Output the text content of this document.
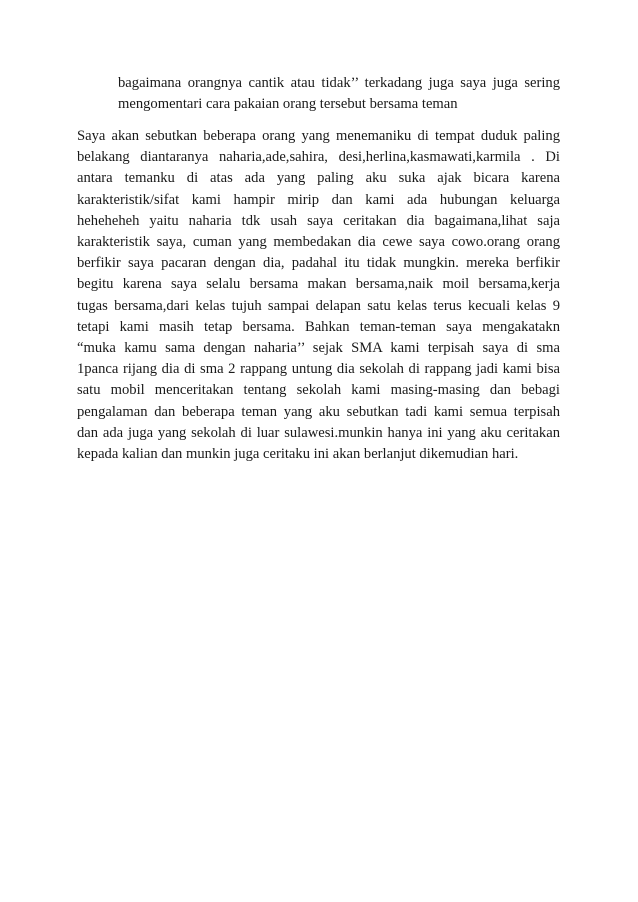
bagaimana orangnya cantik atau tidak’’ terkadang juga saya juga sering
mengomentari cara pakaian orang tersebut bersama teman
Saya akan sebutkan beberapa orang yang menemaniku di tempat duduk paling
belakang diantaranya naharia,ade,sahira, desi,herlina,kasmawati,karmila . Di
antara temanku di atas ada yang paling aku suka ajak bicara karena
karakteristik/sifat kami hampir mirip dan kami ada hubungan keluarga
heheheheh yaitu naharia tdk usah saya ceritakan dia bagaimana,lihat saja
karakteristik saya, cuman yang membedakan dia cewe saya cowo.orang orang
berfikir saya pacaran dengan dia, padahal itu tidak mungkin. mereka berfikir
begitu karena saya selalu bersama makan bersama,naik moil bersama,kerja
tugas bersama,dari kelas tujuh sampai delapan satu kelas terus kecuali kelas 9
tetapi kami masih tetap bersama. Bahkan teman-teman saya mengakatakn
“muka kamu sama dengan naharia’’ sejak SMA kami terpisah saya di sma
1panca rijang dia di sma 2 rappang untung dia sekolah di rappang jadi kami bisa
satu mobil menceritakan tentang sekolah kami masing-masing dan bebagi
pengalaman dan beberapa teman yang aku sebutkan tadi kami semua terpisah
dan ada juga yang sekolah di luar sulawesi.munkin hanya ini yang aku ceritakan
kepada kalian dan munkin juga ceritaku ini akan berlanjut dikemudian hari.
